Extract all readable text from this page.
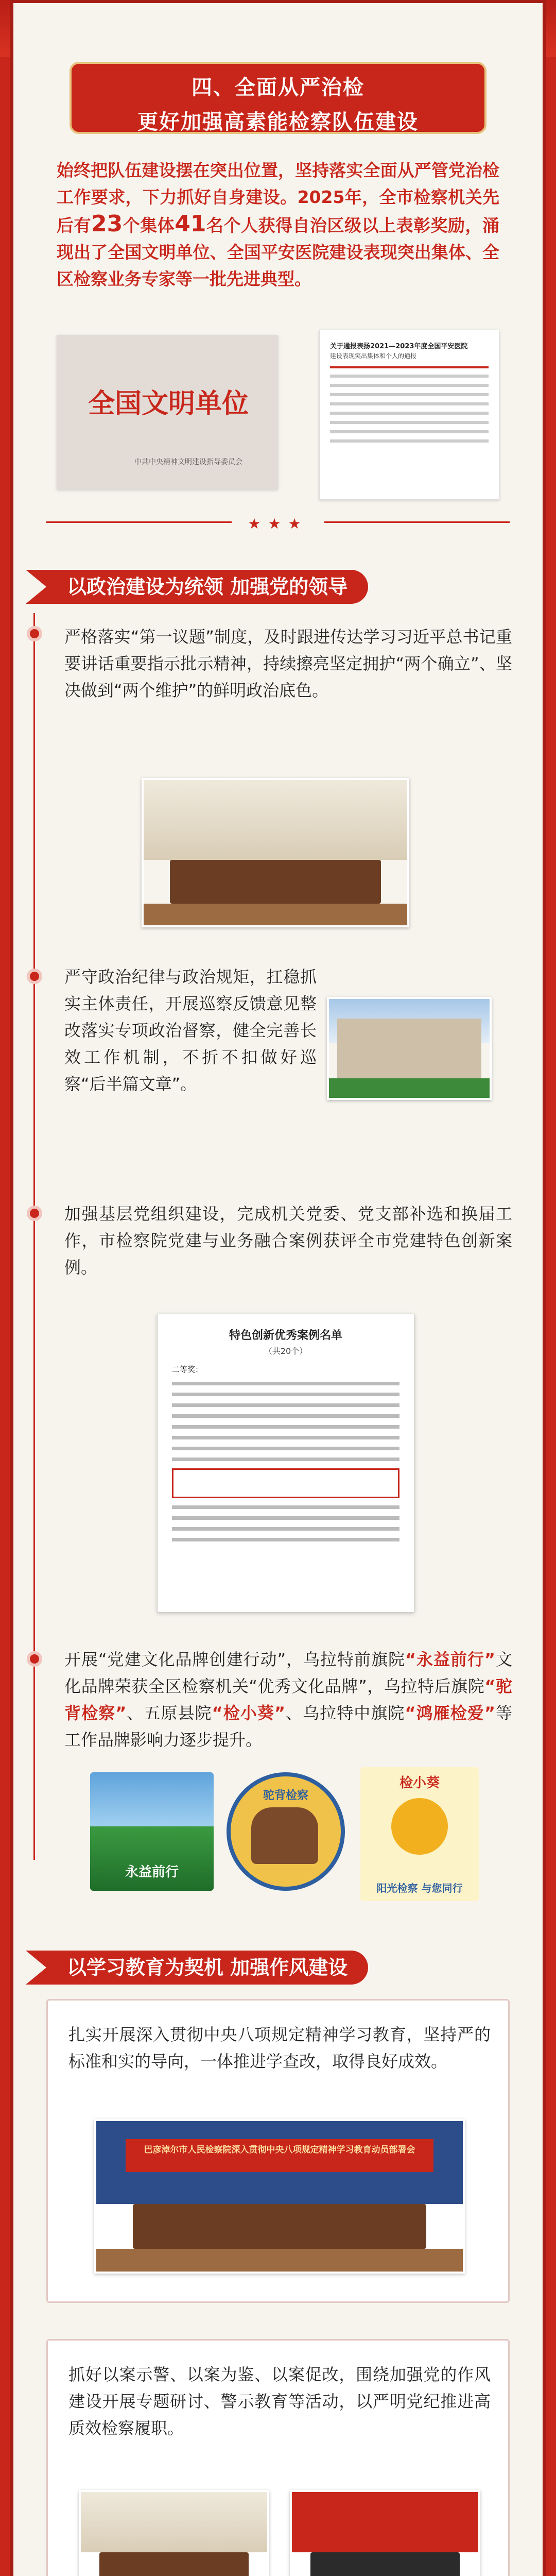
四、全面从严治检
更好加强高素能检察队伍建设
始终把队伍建设摆在突出位置，坚持落实全面从严管党治检工作要求，下力抓好自身建设。2025年，全市检察机关先后有23个集体41名个人获得自治区级以上表彰奖励，涌现出了全国文明单位、全国平安医院建设表现突出集体、全区检察业务专家等一批先进典型。
全国文明单位
中共中央精神文明建设指导委员会
关于通报表扬2021—2023年度全国平安医院
建设表现突出集体和个人的通报
★★★
以政治建设为统领 加强党的领导
严格落实“第一议题”制度，及时跟进传达学习习近平总书记重要讲话重要指示批示精神，持续擦亮坚定拥护“两个确立”、坚决做到“两个维护”的鲜明政治底色。
严守政治纪律与政治规矩，扛稳抓实主体责任，开展巡察反馈意见整改落实专项政治督察，健全完善长效工作机制，不折不扣做好巡察“后半篇文章”。
加强基层党组织建设，完成机关党委、党支部补选和换届工作，市检察院党建与业务融合案例获评全市党建特色创新案例。
特色创新优秀案例名单
（共20个）
二等奖：
开展“党建文化品牌创建行动”，乌拉特前旗院“永益前行”文化品牌荣获全区检察机关“优秀文化品牌”，乌拉特后旗院“驼背检察”、五原县院“检小葵”、乌拉特中旗院“鸿雁检爱”等工作品牌影响力逐步提升。
永益前行
驼背检察
检小葵
阳光检察 与您同行
以学习教育为契机 加强作风建设
扎实开展深入贯彻中央八项规定精神学习教育，坚持严的标准和实的导向，一体推进学查改，取得良好成效。
巴彦淖尔市人民检察院深入贯彻中央八项规定精神学习教育动员部署会
抓好以案示警、以案为鉴、以案促改，围绕加强党的作风建设开展专题研讨、警示教育等活动，以严明党纪推进高质效检察履职。
